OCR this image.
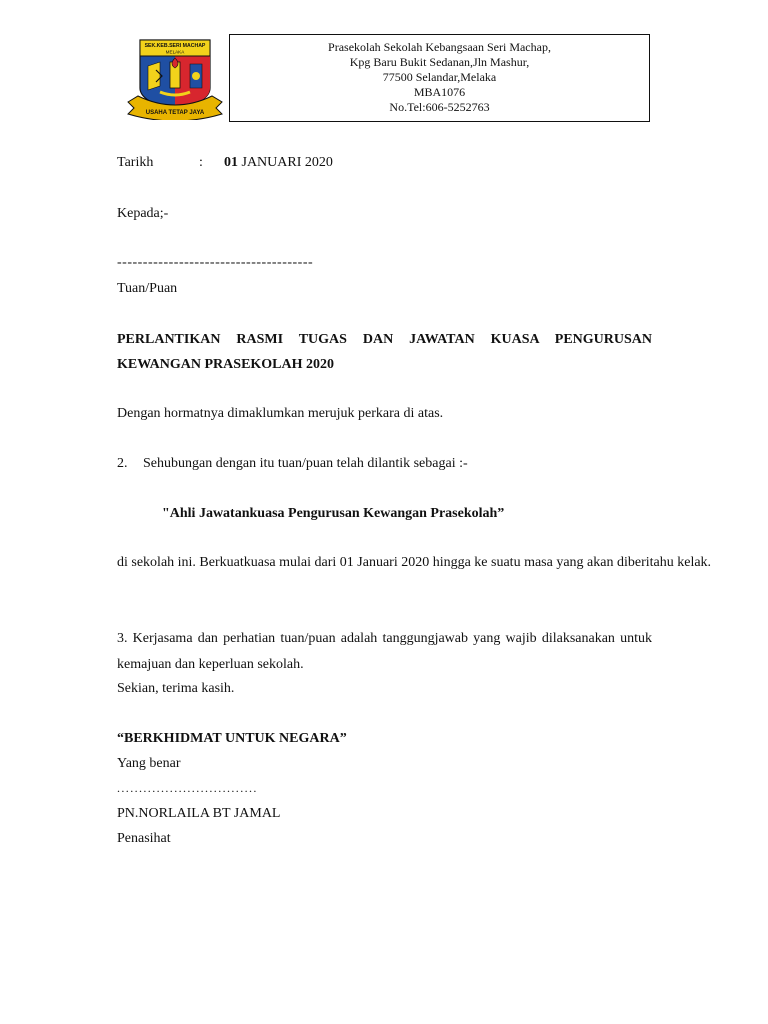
SEK.KEB.SERI MACHAP
MELAKA
USAHA TETAP JAYA
Prasekolah Sekolah Kebangsaan Seri Machap,
Kpg Baru Bukit Sedanan,Jln Mashur,
77500 Selandar,Melaka
MBA1076
No.Tel:606-5252763
Tarikh	: 01 JANUARI 2020
Kepada;-
--------------------------------------
Tuan/Puan
PERLANTIKAN RASMI TUGAS DAN JAWATAN KUASA PENGURUSAN KEWANGAN PRASEKOLAH 2020
Dengan hormatnya dimaklumkan merujuk perkara di atas.
2. Sehubungan dengan itu tuan/puan telah dilantik sebagai :-
"Ahli Jawatankuasa Pengurusan Kewangan Prasekolah”
di sekolah ini. Berkuatkuasa mulai dari 01 Januari 2020 hingga ke suatu masa yang akan diberitahu kelak.
3. Kerjasama dan perhatian tuan/puan adalah tanggungjawab yang wajib dilaksanakan untuk kemajuan dan keperluan sekolah.
Sekian, terima kasih.
“BERKHIDMAT UNTUK NEGARA”
Yang benar
................................
PN.NORLAILA BT JAMAL
Penasihat
